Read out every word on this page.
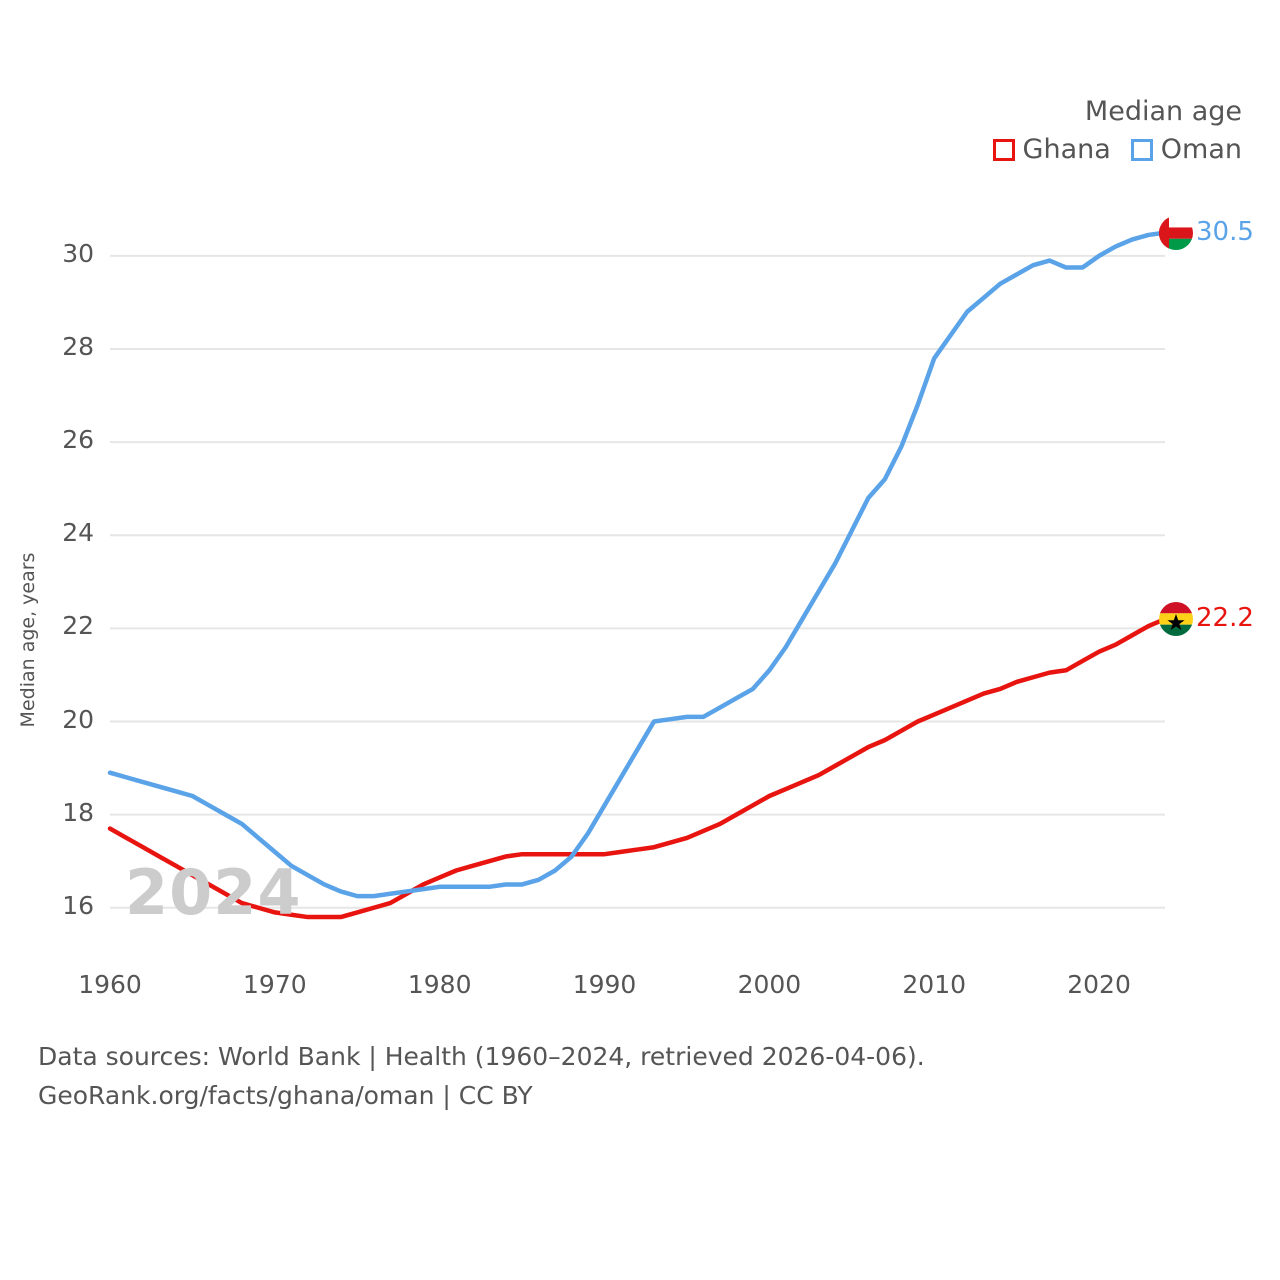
Median age
Ghana Oman
Median age, years
2024
16
18
20
22
24
26
28
30
1960	1970	1980	1990	2000	2010	2020
22.2
30.5
Data sources: World Bank | Health (1960–2024, retrieved 2026-04-06).
GeoRank.org/facts/ghana/oman | CC BY
